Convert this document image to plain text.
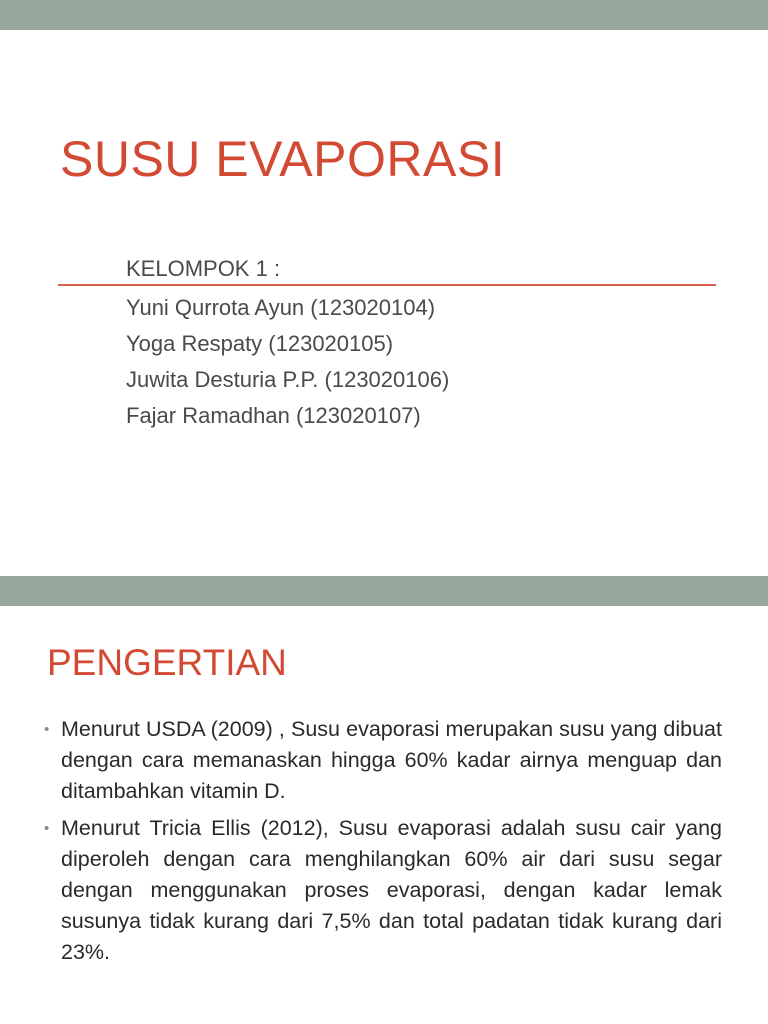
SUSU EVAPORASI
KELOMPOK 1 :
Yuni Qurrota Ayun (123020104)
Yoga Respaty (123020105)
Juwita Desturia P.P. (123020106)
Fajar Ramadhan (123020107)
PENGERTIAN
• Menurut USDA (2009) , Susu evaporasi merupakan susu yang dibuat dengan cara memanaskan hingga 60% kadar airnya menguap dan ditambahkan vitamin D.
• Menurut Tricia Ellis (2012), Susu evaporasi adalah susu cair yang diperoleh dengan cara menghilangkan 60% air dari susu segar dengan menggunakan proses evaporasi, dengan kadar lemak susunya tidak kurang dari 7,5% dan total padatan tidak kurang dari 23%.
